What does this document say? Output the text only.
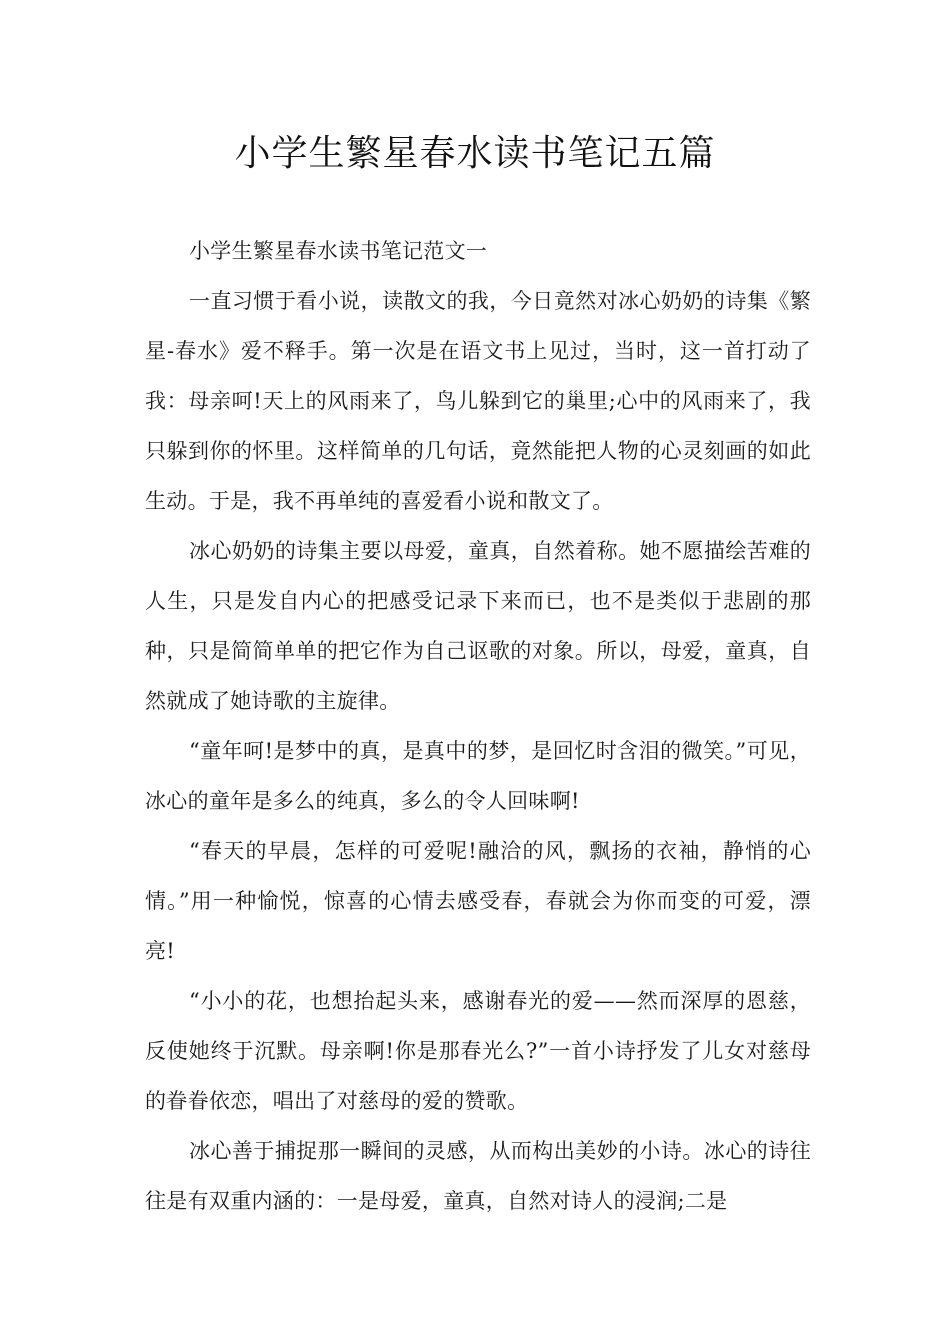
小学生繁星春水读书笔记五篇

小学生繁星春水读书笔记范文一

一直习惯于看小说，读散文的我，今日竟然对冰心奶奶的诗集《繁星-春水》爱不释手。第一次是在语文书上见过，当时，这一首打动了我：母亲呵!天上的风雨来了，鸟儿躲到它的巢里;心中的风雨来了，我只躲到你的怀里。这样简单的几句话，竟然能把人物的心灵刻画的如此生动。于是，我不再单纯的喜爱看小说和散文了。

冰心奶奶的诗集主要以母爱，童真，自然着称。她不愿描绘苦难的人生，只是发自内心的把感受记录下来而已，也不是类似于悲剧的那种，只是简简单单的把它作为自己讴歌的对象。所以，母爱，童真，自然就成了她诗歌的主旋律。

“童年呵!是梦中的真，是真中的梦，是回忆时含泪的微笑。”可见，冰心的童年是多么的纯真，多么的令人回味啊!

“春天的早晨，怎样的可爱呢!融洽的风，飘扬的衣袖，静悄的心情。”用一种愉悦，惊喜的心情去感受春，春就会为你而变的可爱，漂亮!

“小小的花，也想抬起头来，感谢春光的爱——然而深厚的恩慈，反使她终于沉默。母亲啊!你是那春光么?”一首小诗抒发了儿女对慈母的眷眷依恋，唱出了对慈母的爱的赞歌。

冰心善于捕捉那一瞬间的灵感，从而构出美妙的小诗。冰心的诗往往是有双重内涵的：一是母爱，童真，自然对诗人的浸润;二是
